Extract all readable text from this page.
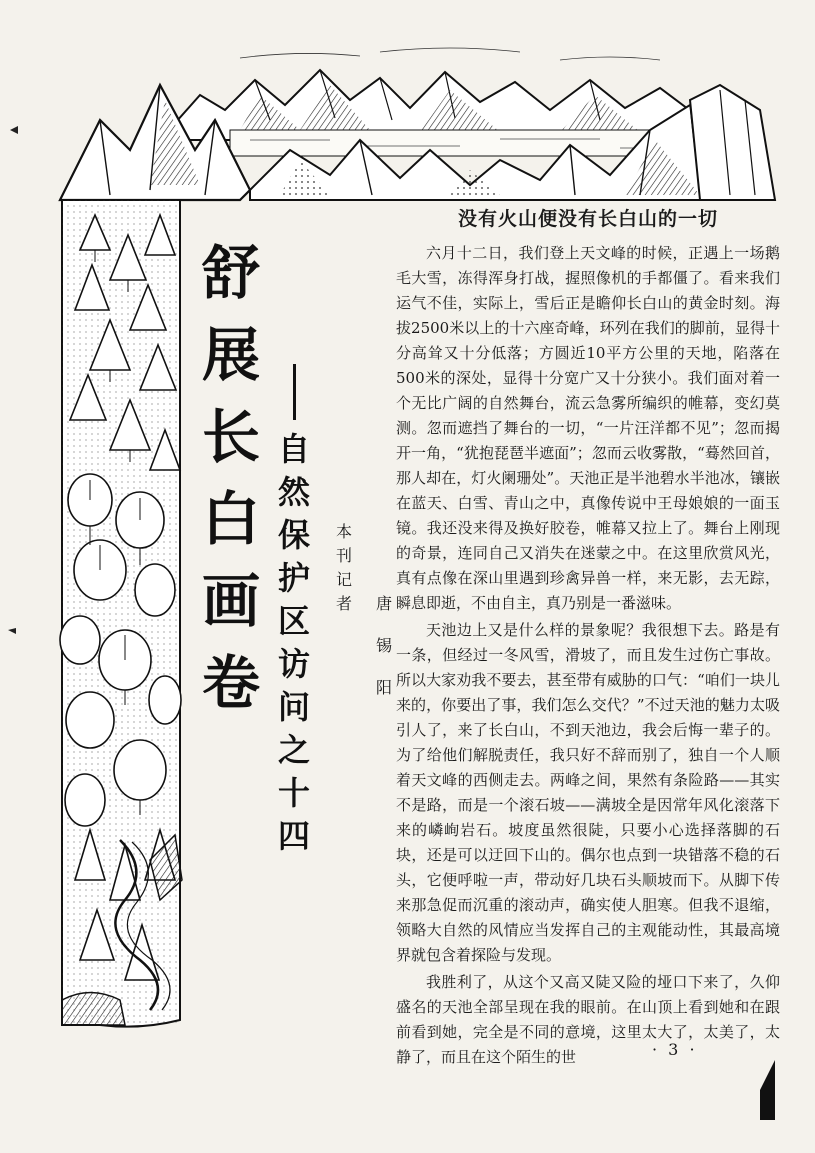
舒
展
长
白
画
卷
自
然
保
护
区
访
问
之
十
四
本
刊
记
者 唐
锡
阳
没有火山便没有长白山的一切

六月十二日，我们登上天文峰的时候，正遇上一场鹅毛大雪，冻得浑身打战，握照像机的手都僵了。看来我们运气不佳，实际上，雪后正是瞻仰长白山的黄金时刻。海拔2500米以上的十六座奇峰，环列在我们的脚前，显得十分高耸又十分低落；方圆近10平方公里的天地，陷落在500米的深处，显得十分宽广又十分狭小。我们面对着一个无比广阔的自然舞台，流云急雾所编织的帷幕，变幻莫测。忽而遮挡了舞台的一切，“一片汪洋都不见”；忽而揭开一角，“犹抱琵琶半遮面”；忽而云收雾散，“蓦然回首，那人却在，灯火阑珊处”。天池正是半池碧水半池冰，镶嵌在蓝天、白雪、青山之中，真像传说中王母娘娘的一面玉镜。我还没来得及换好胶卷，帷幕又拉上了。舞台上刚现的奇景，连同自己又消失在迷蒙之中。在这里欣赏风光，真有点像在深山里遇到珍禽异兽一样，来无影，去无踪，瞬息即逝，不由自主，真乃别是一番滋味。

天池边上又是什么样的景象呢？我很想下去。路是有一条，但经过一冬风雪，滑坡了，而且发生过伤亡事故。所以大家劝我不要去，甚至带有威胁的口气：“咱们一块儿来的，你要出了事，我们怎么交代？”不过天池的魅力太吸引人了，来了长白山，不到天池边，我会后悔一辈子的。为了给他们解脱责任，我只好不辞而别了，独自一个人顺着天文峰的西侧走去。两峰之间，果然有条险路——其实不是路，而是一个滚石坡——满坡全是因常年风化滚落下来的嶙峋岩石。坡度虽然很陡，只要小心选择落脚的石块，还是可以迂回下山的。偶尔也点到一块错落不稳的石头，它便呼啦一声，带动好几块石头顺坡而下。从脚下传来那急促而沉重的滚动声，确实使人胆寒。但我不退缩，领略大自然的风情应当发挥自己的主观能动性，其最高境界就包含着探险与发现。

我胜利了，从这个又高又陡又险的垭口下来了，久仰盛名的天池全部呈现在我的眼前。在山顶上看到她和在跟前看到她，完全是不同的意境，这里太大了，太美了，太静了，而且在这个陌生的世	· 3 ·
